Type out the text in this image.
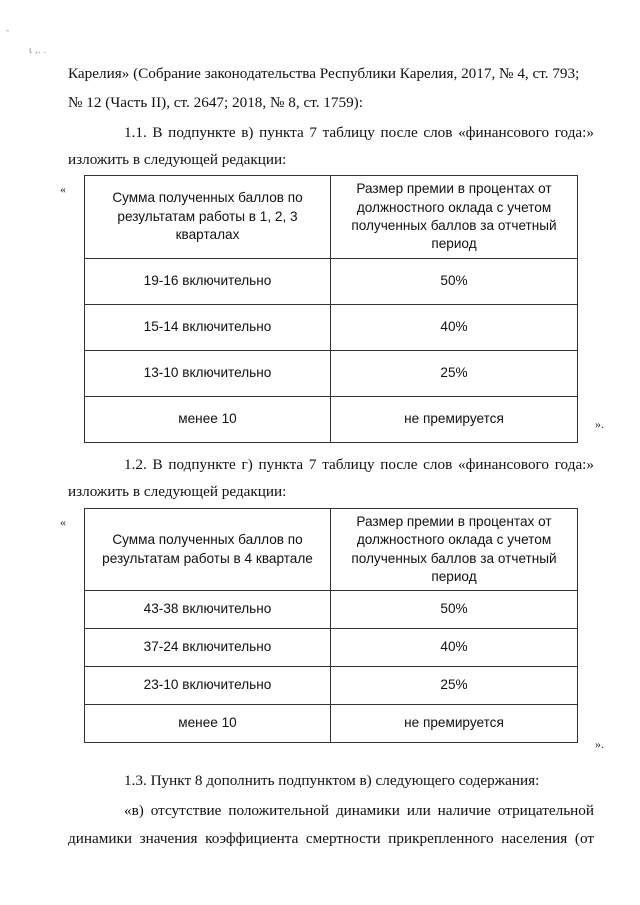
-
ι ,. .

Карелия» (Собрание законодательства Республики Карелия, 2017, № 4, ст. 793;

№ 12 (Часть II), ст. 2647; 2018, № 8, ст. 1759):

1.1. В подпункте в) пункта 7 таблицу после слов «финансового года:»

изложить в следующей редакции:

«
Сумма полученных баллов по результатам работы в 1, 2, 3 кварталах	Размер премии в процентах от должностного оклада с учетом полученных баллов за отчетный период
19-16 включительно	50%
15-14 включительно	40%
13-10 включительно	25%
менее 10	не премируется	».

1.2. В подпункте г) пункта 7 таблицу после слов «финансового года:»

изложить в следующей редакции:

«
Сумма полученных баллов по результатам работы в 4 квартале	Размер премии в процентах от должностного оклада с учетом полученных баллов за отчетный период
43-38 включительно	50%
37-24 включительно	40%
23-10 включительно	25%
менее 10	не премируется
».

1.3. Пункт 8 дополнить подпунктом в) следующего содержания:

«в) отсутствие положительной динамики или наличие отрицательной

динамики значения коэффициента смертности прикрепленного населения (от
